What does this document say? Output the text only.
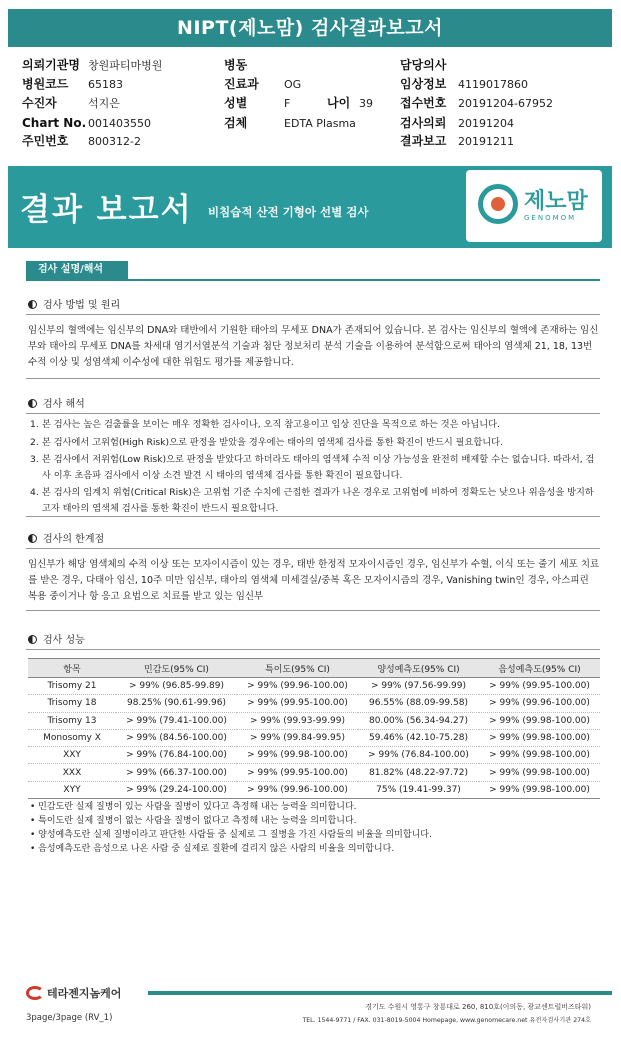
NIPT(제노맘) 검사결과보고서
의뢰기관명 창원파티마병원
병원코드 65183
수진자	석지은
Chart No. 001403550
주민번호 800312-2
병동
진료과 OG
성별	F	나이 39
검체	EDTA Plasma
담당의사
임상정보 4119017860
접수번호 20191204-67952
검사의뢰 20191204
결과보고 20191211
결과 보고서 비침습적 산전 기형아 선별 검사	제노맘
GENOMOM
검사 설명/해석
검사 방법 및 원리
임신부의 혈액에는 임신부의 DNA와 태반에서 기원한 태아의 무세포 DNA가 존재되어 있습니다. 본 검사는 임신부의 혈액에 존재하는 임신부와 태아의 무세포 DNA를 차세대 염기서열분석 기술과 첨단 정보처리 분석 기술을 이용하여 분석함으로써 태아의 염색체 21, 18, 13번 수적 이상 및 성염색체 이수성에 대한 위험도 평가를 제공합니다.
검사 해석
1. 본 검사는 높은 검출률을 보이는 매우 정확한 검사이나, 오직 참고용이고 임상 진단을 목적으로 하는 것은 아닙니다.
2. 본 검사에서 고위험(High Risk)으로 판정을 받았을 경우에는 태아의 염색체 검사를 통한 확진이 반드시 필요합니다.
3. 본 검사에서 저위험(Low Risk)으로 판정을 받았다고 하더라도 태아의 염색체 수적 이상 가능성을 완전히 배제할 수는 없습니다. 따라서, 검사 이후 초음파 검사에서 이상 소견 발견 시 태아의 염색체 검사를 통한 확진이 필요합니다.
4. 본 검사의 임계치 위험(Critical Risk)은 고위험 기준 수치에 근접한 결과가 나온 경우로 고위험에 비하여 정확도는 낮으나 위음성을 방지하고자 태아의 염색체 검사를 통한 확진이 반드시 필요합니다.
검사의 한계점
임신부가 해당 염색체의 수적 이상 또는 모자이시즘이 있는 경우, 태반 한정적 모자이시즘인 경우, 임신부가 수혈, 이식 또는 줄기 세포 치료를 받은 경우, 다태아 임신, 10주 미만 임신부, 태아의 염색체 미세결실/중복 혹은 모자이시즘의 경우, Vanishing twin인 경우, 아스피린 복용 중이거나 항 응고 요법으로 치료를 받고 있는 임신부
검사 성능
항목	민감도(95% CI)	특이도(95% CI)	양성예측도(95% CI)	음성예측도(95% CI)
Trisomy 21	> 99% (96.85-99.89)	> 99% (99.96-100.00)	> 99% (97.56-99.99)	> 99% (99.95-100.00)
Trisomy 18	98.25% (90.61-99.96)	> 99% (99.95-100.00)	96.55% (88.09-99.58)	> 99% (99.96-100.00)
Trisomy 13	> 99% (79.41-100.00)	> 99% (99.93-99.99)	80.00% (56.34-94.27)	> 99% (99.98-100.00)
Monosomy X	> 99% (84.56-100.00)	> 99% (99.84-99.95)	59.46% (42.10-75.28)	> 99% (99.98-100.00)
XXY	> 99% (76.84-100.00)	> 99% (99.98-100.00)	> 99% (76.84-100.00)	> 99% (99.98-100.00)
XXX	> 99% (66.37-100.00)	> 99% (99.95-100.00)	81.82% (48.22-97.72)	> 99% (99.98-100.00)
XYY	> 99% (29.24-100.00)	> 99% (99.96-100.00)	75% (19.41-99.37)	> 99% (99.98-100.00)
• 민감도란 실제 질병이 있는 사람을 질병이 있다고 측정해 내는 능력을 의미합니다.
• 특이도란 실제 질병이 없는 사람을 질병이 없다고 측정해 내는 능력을 의미합니다.
• 양성예측도란 실제 질병이라고 판단한 사람들 중 실제로 그 질병을 가진 사람들의 비율을 의미합니다.
• 음성예측도란 음성으로 나온 사람 중 실제로 질환에 걸리지 않은 사람의 비율을 의미합니다.
테라젠지놈케어
경기도 수원시 영통구 창룡대로 260, 810호(이의동, 광교센트럴비즈타워)
TEL. 1544-9771 / FAX. 031-8019-5004 Homepage, www.genomecare.net 유전자검사기관 274호
3page/3page (RV_1)
